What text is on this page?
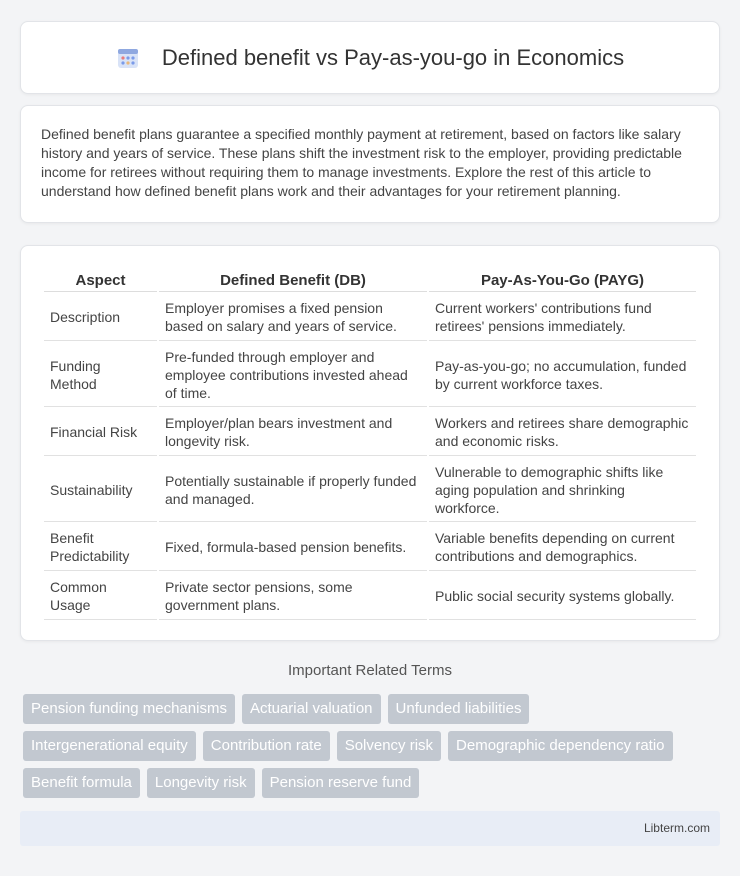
Defined benefit vs Pay-as-you-go in Economics

Defined benefit plans guarantee a specified monthly payment at retirement, based on factors like salary history and years of service. These plans shift the investment risk to the employer, providing predictable income for retirees without requiring them to manage investments. Explore the rest of this article to understand how defined benefit plans work and their advantages for your retirement planning.

Aspect	Defined Benefit (DB)	Pay-As-You-Go (PAYG)
Description	Employer promises a fixed pension based on salary and years of service.	Current workers' contributions fund retirees' pensions immediately.
Funding Method	Pre-funded through employer and employee contributions invested ahead of time.	Pay-as-you-go; no accumulation, funded by current workforce taxes.
Financial Risk	Employer/plan bears investment and longevity risk.	Workers and retirees share demographic and economic risks.
Sustainability	Potentially sustainable if properly funded and managed.	Vulnerable to demographic shifts like aging population and shrinking workforce.
Benefit Predictability	Fixed, formula-based pension benefits.	Variable benefits depending on current contributions and demographics.
Common Usage	Private sector pensions, some government plans.	Public social security systems globally.
Important Related Terms
Pension funding mechanisms	Actuarial valuation	Unfunded liabilities
Intergenerational equity	Contribution rate	Solvency risk	Demographic dependency ratio
Benefit formula	Longevity risk	Pension reserve fund
Libterm.com
